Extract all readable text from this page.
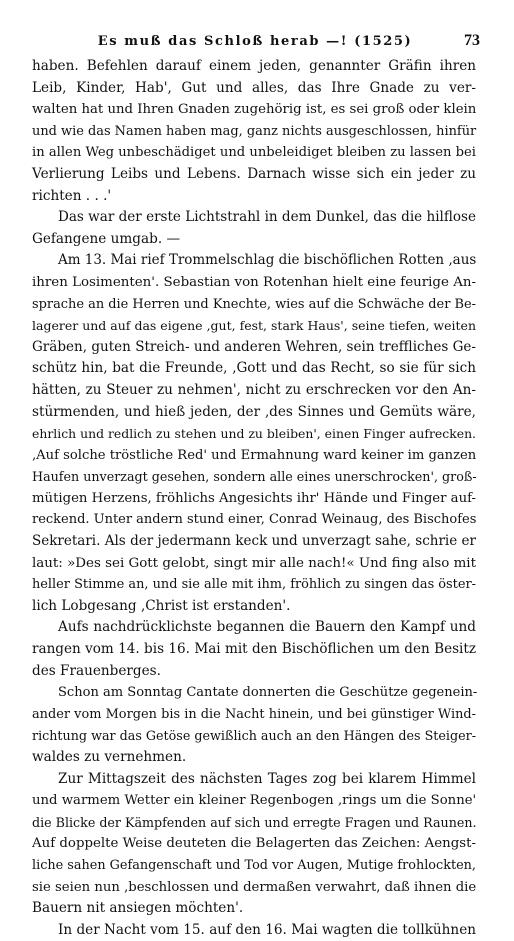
Es muß das Schloß herab —! (1525)	73
haben. Befehlen darauf einem jeden, genannter Gräfin ihren
Leib, Kinder, Hab', Gut und alles, das Ihre Gnade zu ver-
walten hat und Ihren Gnaden zugehörig ist, es sei groß oder klein
und wie das Namen haben mag, ganz nichts ausgeschlossen, hinfür
in allen Weg unbeschädiget und unbeleidiget bleiben zu lassen bei
Verlierung Leibs und Lebens. Darnach wisse sich ein jeder zu
richten . . .'
Das war der erste Lichtstrahl in dem Dunkel, das die hilflose
Gefangene umgab. —
Am 13. Mai rief Trommelschlag die bischöflichen Rotten ‚aus
ihren Losimenten'. Sebastian von Rotenhan hielt eine feurige An-
sprache an die Herren und Knechte, wies auf die Schwäche der Be-
lagerer und auf das eigene ‚gut, fest, stark Haus', seine tiefen, weiten
Gräben, guten Streich- und anderen Wehren, sein treffliches Ge-
schütz hin, bat die Freunde, ‚Gott und das Recht, so sie für sich
hätten, zu Steuer zu nehmen', nicht zu erschrecken vor den An-
stürmenden, und hieß jeden, der ‚des Sinnes und Gemüts wäre,
ehrlich und redlich zu stehen und zu bleiben', einen Finger aufrecken.
‚Auf solche tröstliche Red' und Ermahnung ward keiner im ganzen
Haufen unverzagt gesehen, sondern alle eines unerschrocken', groß-
mütigen Herzens, fröhlichs Angesichts ihr' Hände und Finger auf-
reckend. Unter andern stund einer, Conrad Weinaug, des Bischofes
Sekretari. Als der jedermann keck und unverzagt sahe, schrie er
laut: »Des sei Gott gelobt, singt mir alle nach!« Und fing also mit
heller Stimme an, und sie alle mit ihm, fröhlich zu singen das öster-
lich Lobgesang ‚Christ ist erstanden'.
Aufs nachdrücklichste begannen die Bauern den Kampf und
rangen vom 14. bis 16. Mai mit den Bischöflichen um den Besitz
des Frauenberges.
Schon am Sonntag Cantate donnerten die Geschütze gegenein-
ander vom Morgen bis in die Nacht hinein, und bei günstiger Wind-
richtung war das Getöse gewißlich auch an den Hängen des Steiger-
waldes zu vernehmen.
Zur Mittagszeit des nächsten Tages zog bei klarem Himmel
und warmem Wetter ein kleiner Regenbogen ‚rings um die Sonne'
die Blicke der Kämpfenden auf sich und erregte Fragen und Raunen.
Auf doppelte Weise deuteten die Belagerten das Zeichen: Aengst-
liche sahen Gefangenschaft und Tod vor Augen, Mutige frohlockten,
sie seien nun ‚beschlossen und dermaßen verwahrt, daß ihnen die
Bauern nit ansiegen möchten'.
In der Nacht vom 15. auf den 16. Mai wagten die tollkühnen
